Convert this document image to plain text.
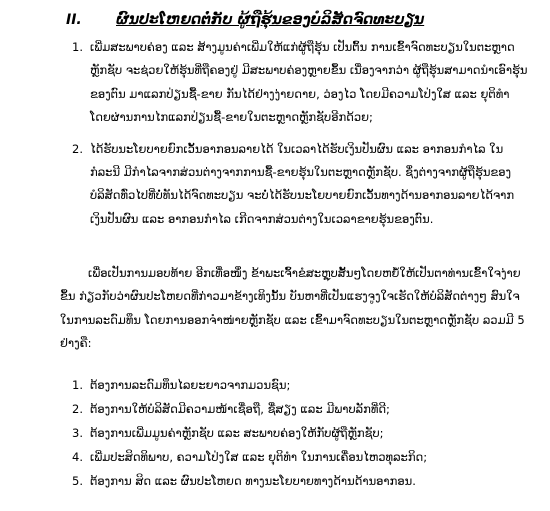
II. ຜົນປະໂຫຍດຕໍ່ກັບ ຜູ້ຖືຮຸ້ນຂອງບໍລິສັດຈົດທະບຽນ
1. ເພີ່ມສະພາບຄ່ອງ ແລະ ສ້າງມູນຄ່າເພີ່ມໃຫ້ແກ່ຜູ້ຖືຮຸ້ນ ເປັນຕົ້ນ ການເຂົ້າຈົດທະບຽນໃນຕະຫຼາດຫຼັກຊັບ ຈະຊ່ວຍໃຫ້ຮຸ້ນທີ່ຖືຄອງຢູ່ ມີສະພາບຄ່ອງຫຼາຍຂຶ້ນ ເນື່ອງຈາກວ່າ ຜູ້ຖືຮຸ້ນສາມາດນໍາເອົາຮຸ້ນຂອງຕົນ ມາແລກປ່ຽນຊື້-ຂາຍ ກັນໄດ້ຢ່າງງ່າຍດາຍ, ວ່ອງໄວ ໂດຍມີຄວາມໂປ່ງໃສ ແລະ ຍຸຕິທໍາ ໂດຍຜ່ານການໄກແລກປ່ຽນຊື້-ຂາຍໃນຕະຫຼາດຫຼັກຊັບອີກດ້ວຍ;
2. ໄດ້ຮັບນະໂຍບາຍຍົກເວັ້ນອາກອນລາຍໄດ້ ໃນເວລາໄດ້ຮັບເງິນປັນຜົນ ແລະ ອາກອນກໍາໄລ ໃນກໍລະນີ ມີກໍາໄລຈາກສ່ວນຕ່າງຈາກການຊື້-ຂາຍຮຸ້ນໃນຕະຫຼາດຫຼັກຊັບ. ຊຶ່ງຕ່າງຈາກຜູ້ຖືຮຸ້ນຂອງບໍລິສັດທົ່ວໄປທີ່ບໍ່ທັນໄດ້ຈົດທະບຽນ ຈະບໍ່ໄດ້ຮັບນະໂຍບາຍຍົກເວັ້ນທາງດ້ານອາກອນລາຍໄດ້ຈາກເງິນປັນຜົນ ແລະ ອາກອນກໍາໄລ ເກີດຈາກສ່ວນຕ່າງໃນເວລາຂາຍຮຸ້ນຂອງຕົນ.

ເພື່ອເປັນການມອບທ້າຍ ອີກເທື່ອໜຶ່ງ ຂ້າພະເຈົ້າຂໍສະຫຼຸບສັ້ນໆໂດຍຫຍໍ້ໃຫ້ເປັນຕາທ່ານເຂົ້າໃຈງ່າຍຂຶ້ນ ກ່ຽວກັບວ່າຜົນປະໂຫຍດທີ່ກ່າວມາຂ້າງເທິງນັ້ນ ບັນຫາທີ່ເປັນແຮງຈູງໃຈເຮັດໃຫ້ບໍລິສັດຕ່າງໆ ສົນໃຈໃນການລະດົມທຶນ ໂດຍການອອກຈໍາໜ່າຍຫຼັກຊັບ ແລະ ເຂົ້າມາຈົດທະບຽນໃນຕະຫຼາດຫຼັກຊັບ ລວມມີ 5 ຢ່າງຄື:

1. ຕ້ອງການລະດົມທຶນໄລຍະຍາວຈາກມວນຊົນ;
2. ຕ້ອງການໃຫ້ບໍລິສັດມີຄວາມໜ້າເຊື່ອຖື, ຊື່ສຽງ ແລະ ມີພາບລັກທີ່ດີ;
3. ຕ້ອງການເພີ່ມມູນຄ່າຫຼັກຊັບ ແລະ ສະພາບຄ່ອງໃຫ້ກັບຜູ້ຖືຫຼັກຊັບ;
4. ເພີ່ມປະສິດທິພາບ, ຄວາມໂປ່ງໃສ ແລະ ຍຸຕິທໍາ ໃນການເຄື່ອນໄຫວທຸລະກິດ;
5. ຕ້ອງການ ສິດ ແລະ ຜົນປະໂຫຍດ ທາງນະໂຍບາຍທາງດ້ານດ້ານອາກອນ.
